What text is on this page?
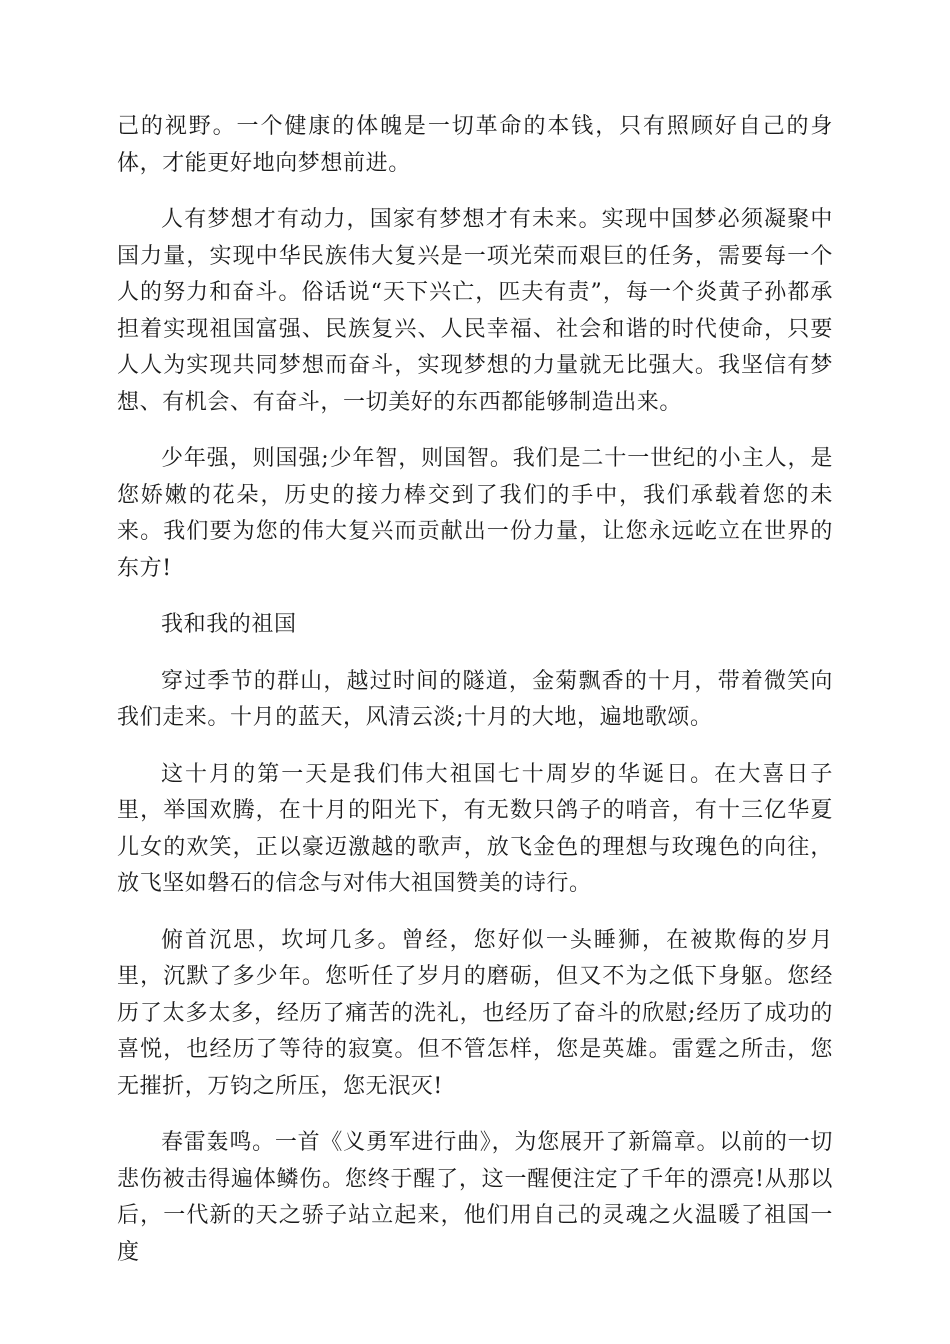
己的视野。一个健康的体魄是一切革命的本钱，只有照顾好自己的身体，才能更好地向梦想前进。

人有梦想才有动力，国家有梦想才有未来。实现中国梦必须凝聚中国力量，实现中华民族伟大复兴是一项光荣而艰巨的任务，需要每一个人的努力和奋斗。俗话说“天下兴亡，匹夫有责”，每一个炎黄子孙都承担着实现祖国富强、民族复兴、人民幸福、社会和谐的时代使命，只要人人为实现共同梦想而奋斗，实现梦想的力量就无比强大。我坚信有梦想、有机会、有奋斗，一切美好的东西都能够制造出来。

少年强，则国强;少年智，则国智。我们是二十一世纪的小主人，是您娇嫩的花朵，历史的接力棒交到了我们的手中，我们承载着您的未来。我们要为您的伟大复兴而贡献出一份力量，让您永远屹立在世界的东方!

我和我的祖国

穿过季节的群山，越过时间的隧道，金菊飘香的十月，带着微笑向我们走来。十月的蓝天，风清云淡;十月的大地，遍地歌颂。

这十月的第一天是我们伟大祖国七十周岁的华诞日。在大喜日子里，举国欢腾，在十月的阳光下，有无数只鸽子的哨音，有十三亿华夏儿女的欢笑，正以豪迈激越的歌声，放飞金色的理想与玫瑰色的向往，放飞坚如磐石的信念与对伟大祖国赞美的诗行。

俯首沉思，坎坷几多。曾经，您好似一头睡狮，在被欺侮的岁月里，沉默了多少年。您听任了岁月的磨砺，但又不为之低下身躯。您经历了太多太多，经历了痛苦的洗礼，也经历了奋斗的欣慰;经历了成功的喜悦，也经历了等待的寂寞。但不管怎样，您是英雄。雷霆之所击，您无摧折，万钧之所压，您无泯灭!

春雷轰鸣。一首《义勇军进行曲》，为您展开了新篇章。以前的一切悲伤被击得遍体鳞伤。您终于醒了，这一醒便注定了千年的漂亮!从那以后，一代新的天之骄子站立起来，他们用自己的灵魂之火温暖了祖国一度
